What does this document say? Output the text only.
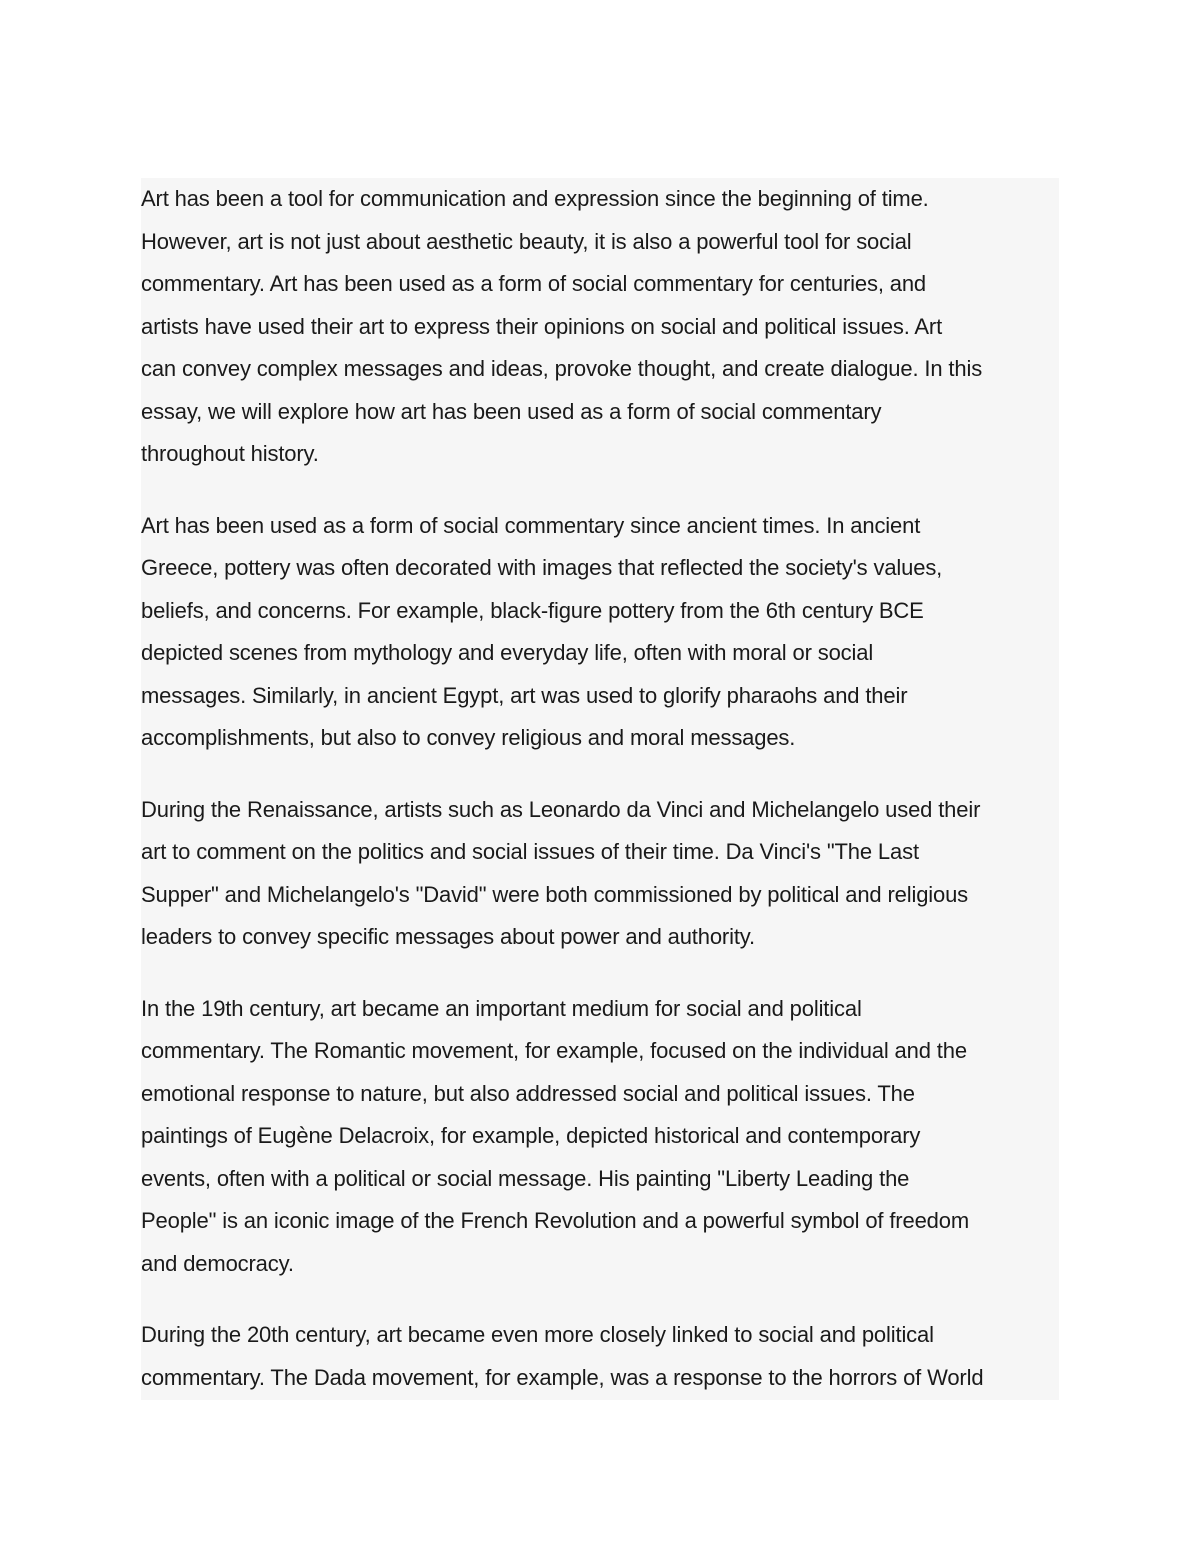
Art has been a tool for communication and expression since the beginning of time.
However, art is not just about aesthetic beauty, it is also a powerful tool for social
commentary. Art has been used as a form of social commentary for centuries, and
artists have used their art to express their opinions on social and political issues. Art
can convey complex messages and ideas, provoke thought, and create dialogue. In this
essay, we will explore how art has been used as a form of social commentary
throughout history.

Art has been used as a form of social commentary since ancient times. In ancient
Greece, pottery was often decorated with images that reflected the society's values,
beliefs, and concerns. For example, black-figure pottery from the 6th century BCE
depicted scenes from mythology and everyday life, often with moral or social
messages. Similarly, in ancient Egypt, art was used to glorify pharaohs and their
accomplishments, but also to convey religious and moral messages.

During the Renaissance, artists such as Leonardo da Vinci and Michelangelo used their
art to comment on the politics and social issues of their time. Da Vinci's "The Last
Supper" and Michelangelo's "David" were both commissioned by political and religious
leaders to convey specific messages about power and authority.

In the 19th century, art became an important medium for social and political
commentary. The Romantic movement, for example, focused on the individual and the
emotional response to nature, but also addressed social and political issues. The
paintings of Eugène Delacroix, for example, depicted historical and contemporary
events, often with a political or social message. His painting "Liberty Leading the
People" is an iconic image of the French Revolution and a powerful symbol of freedom
and democracy.

During the 20th century, art became even more closely linked to social and political
commentary. The Dada movement, for example, was a response to the horrors of World
